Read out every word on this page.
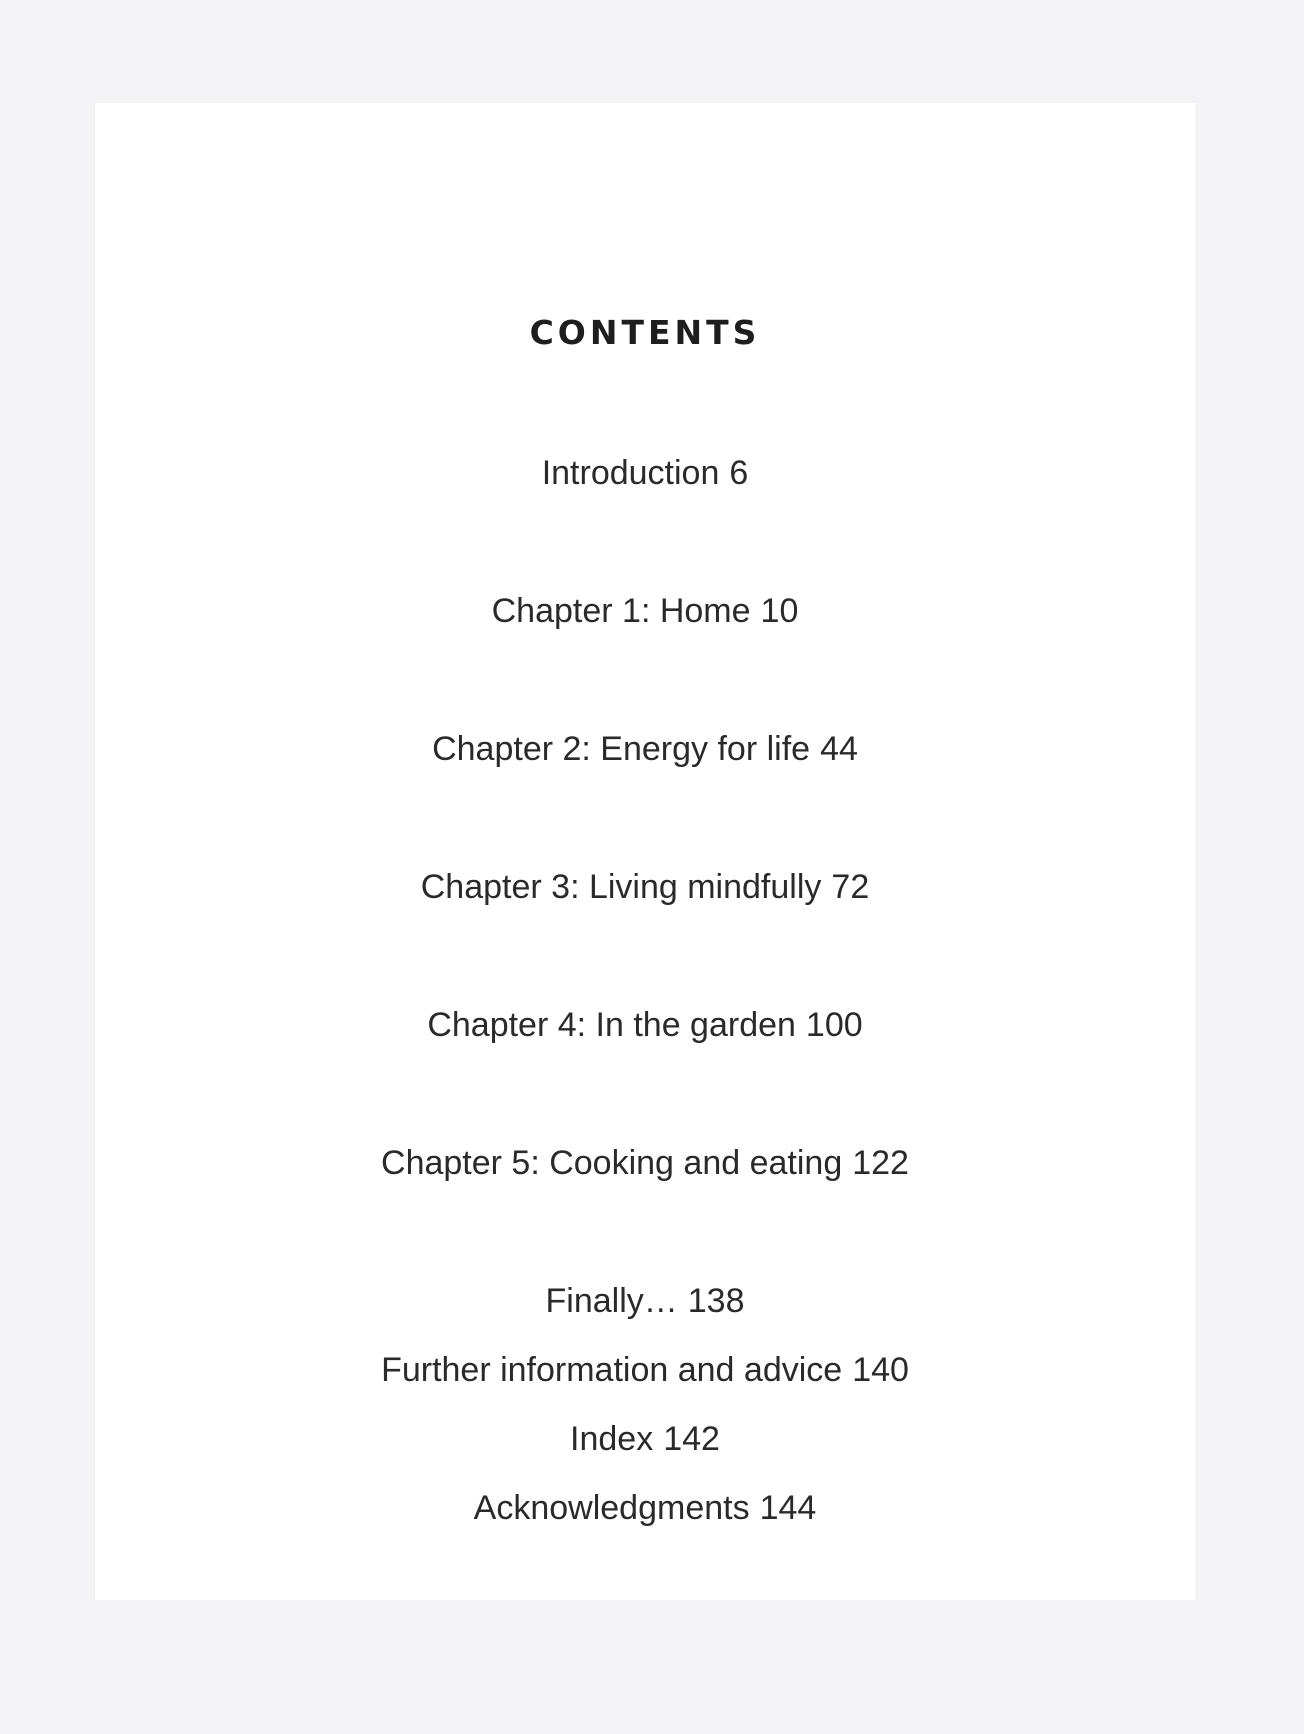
CONTENTS
Introduction 6
Chapter 1: Home 10
Chapter 2: Energy for life 44
Chapter 3: Living mindfully 72
Chapter 4: In the garden 100
Chapter 5: Cooking and eating 122
Finally… 138
Further information and advice 140
Index 142
Acknowledgments 144
